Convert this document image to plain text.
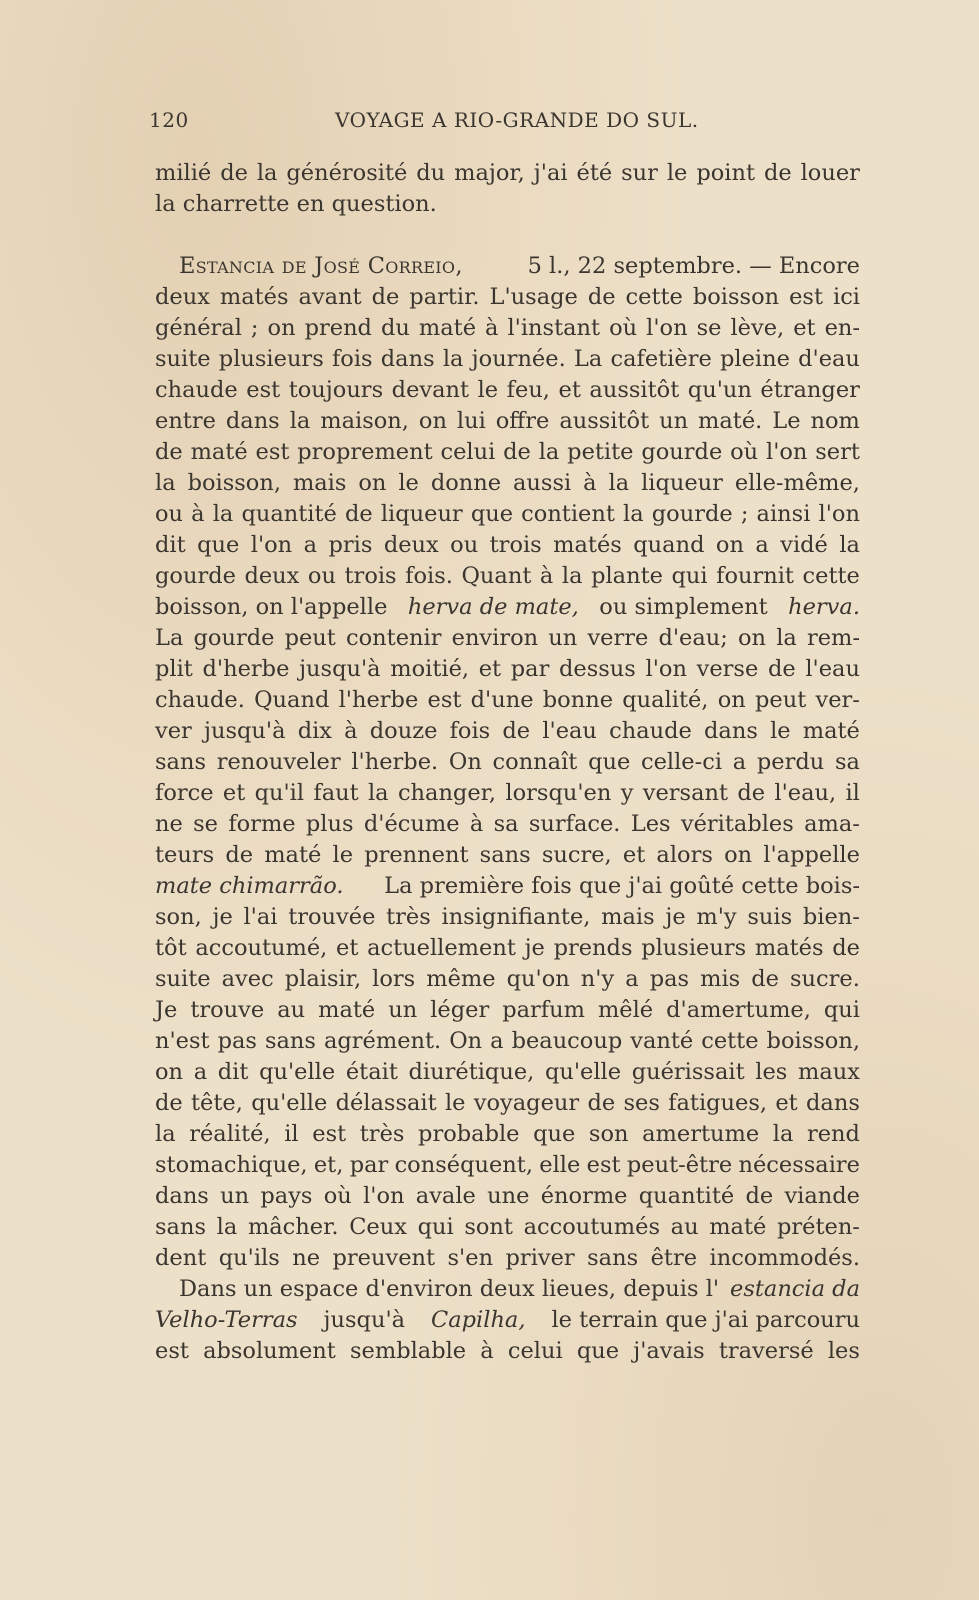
120	VOYAGE A RIO-GRANDE DO SUL.
milié de la générosité du major, j'ai été sur le point de louer
la charrette en question.
Estancia de José Correio,	5 l., 22 septembre. — Encore
deux matés avant de partir. L'usage de cette boisson est ici
général ; on prend du maté à l'instant où l'on se lève, et en-
suite plusieurs fois dans la journée. La cafetière pleine d'eau
chaude est toujours devant le feu, et aussitôt qu'un étranger
entre dans la maison, on lui offre aussitôt un maté. Le nom
de maté est proprement celui de la petite gourde où l'on sert
la boisson, mais on le donne aussi à la liqueur elle-même,
ou à la quantité de liqueur que contient la gourde ; ainsi l'on
dit que l'on a pris deux ou trois matés quand on a vidé la
gourde deux ou trois fois. Quant à la plante qui fournit cette
boisson, on l'appelle herva de mate, ou simplement herva.
La gourde peut contenir environ un verre d'eau; on la rem-
plit d'herbe jusqu'à moitié, et par dessus l'on verse de l'eau
chaude. Quand l'herbe est d'une bonne qualité, on peut ver-
ver jusqu'à dix à douze fois de l'eau chaude dans le maté
sans renouveler l'herbe. On connaît que celle-ci a perdu sa
force et qu'il faut la changer, lorsqu'en y versant de l'eau, il
ne se forme plus d'écume à sa surface. Les véritables ama-
teurs de maté le prennent sans sucre, et alors on l'appelle
mate chimarrão. La première fois que j'ai goûté cette bois-
son, je l'ai trouvée très insignifiante, mais je m'y suis bien-
tôt accoutumé, et actuellement je prends plusieurs matés de
suite avec plaisir, lors même qu'on n'y a pas mis de sucre.
Je trouve au maté un léger parfum mêlé d'amertume, qui
n'est pas sans agrément. On a beaucoup vanté cette boisson,
on a dit qu'elle était diurétique, qu'elle guérissait les maux
de tête, qu'elle délassait le voyageur de ses fatigues, et dans
la réalité, il est très probable que son amertume la rend
stomachique, et, par conséquent, elle est peut-être nécessaire
dans un pays où l'on avale une énorme quantité de viande
sans la mâcher. Ceux qui sont accoutumés au maté préten-
dent qu'ils ne preuvent s'en priver sans être incommodés.
Dans un espace d'environ deux lieues, depuis l' estancia da
Velho-Terras jusqu'à Capilha, le terrain que j'ai parcouru
est absolument semblable à celui que j'avais traversé les
